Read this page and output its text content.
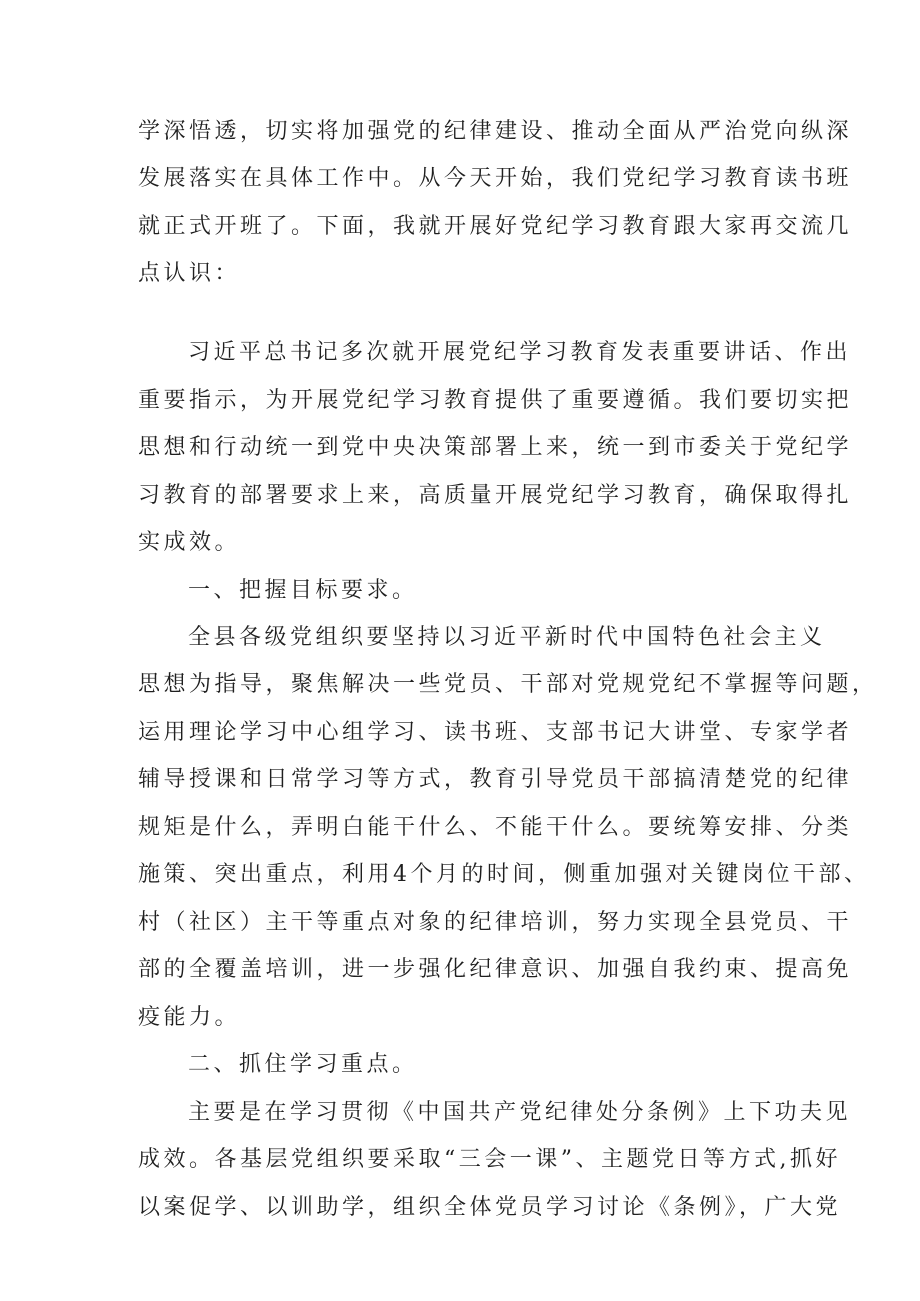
学深悟透，切实将加强党的纪律建设、推动全面从严治党向纵深
发展落实在具体工作中。从今天开始，我们党纪学习教育读书班
就正式开班了。下面，我就开展好党纪学习教育跟大家再交流几
点认识：
习近平总书记多次就开展党纪学习教育发表重要讲话、作出
重要指示，为开展党纪学习教育提供了重要遵循。我们要切实把
思想和行动统一到党中央决策部署上来，统一到市委关于党纪学
习教育的部署要求上来，高质量开展党纪学习教育，确保取得扎
实成效。
一、把握目标要求。
全县各级党组织要坚持以习近平新时代中国特色社会主义
思想为指导，聚焦解决一些党员、干部对党规党纪不掌握等问题，
运用理论学习中心组学习、读书班、支部书记大讲堂、专家学者
辅导授课和日常学习等方式，教育引导党员干部搞清楚党的纪律
规矩是什么，弄明白能干什么、不能干什么。要统筹安排、分类
施策、突出重点，利用4个月的时间，侧重加强对关键岗位干部、
村（社区）主干等重点对象的纪律培训，努力实现全县党员、干
部的全覆盖培训，进一步强化纪律意识、加强自我约束、提高免
疫能力。
二、抓住学习重点。
主要是在学习贯彻《中国共产党纪律处分条例》上下功夫见
成效。各基层党组织要采取“三会一课”、主题党日等方式,抓好
以案促学、以训助学，组织全体党员学习讨论《条例》，广大党
